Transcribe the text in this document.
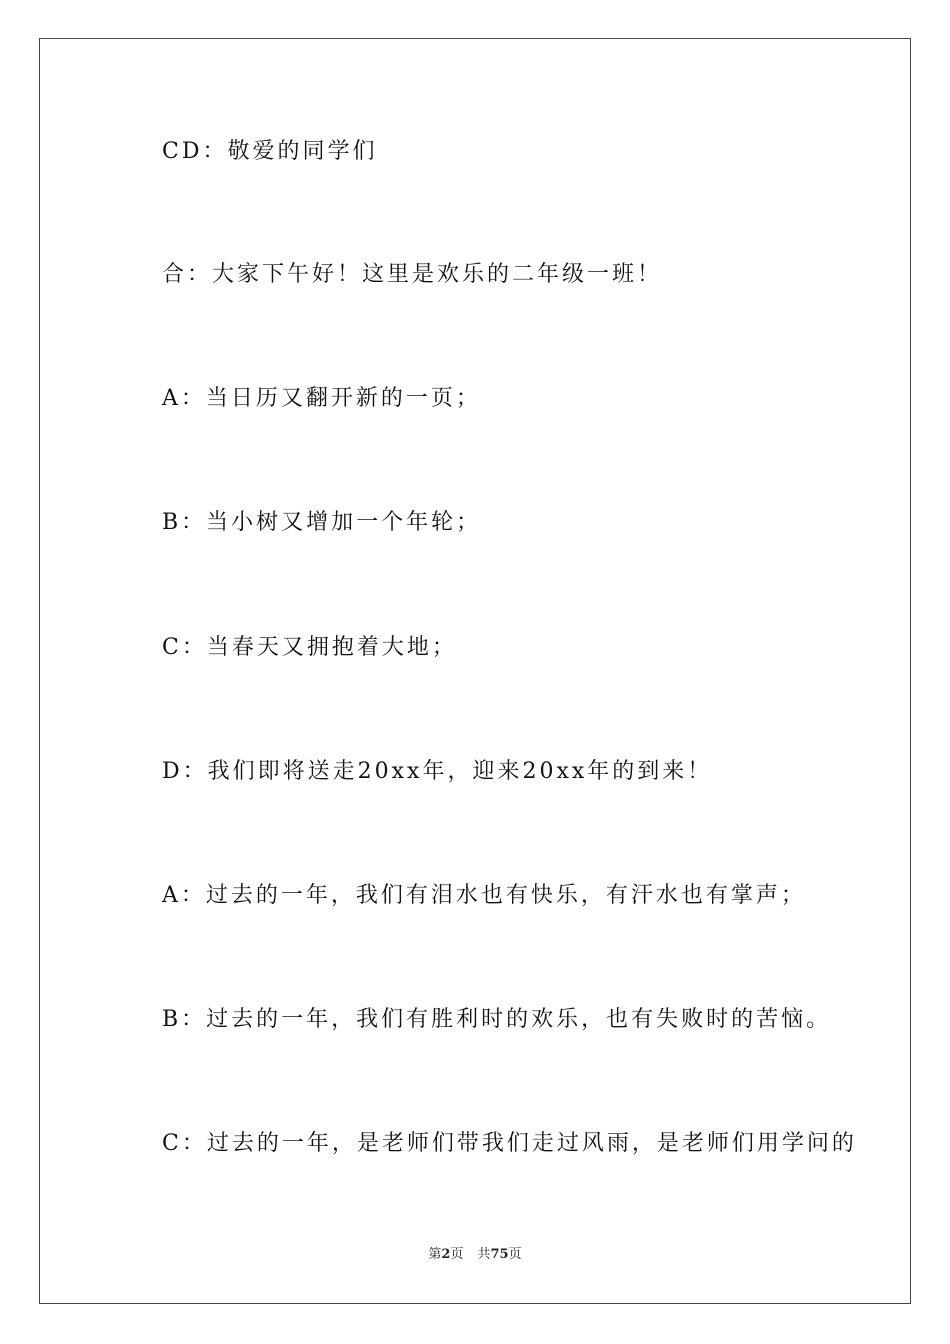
CD：敬爱的同学们
合：大家下午好！这里是欢乐的二年级一班！
A：当日历又翻开新的一页；
B：当小树又增加一个年轮；
C：当春天又拥抱着大地；
D：我们即将送走20xx年，迎来20xx年的到来！
A：过去的一年，我们有泪水也有快乐，有汗水也有掌声；
B：过去的一年，我们有胜利时的欢乐，也有失败时的苦恼。
C：过去的一年，是老师们带我们走过风雨，是老师们用学问的
第2页 共75页
